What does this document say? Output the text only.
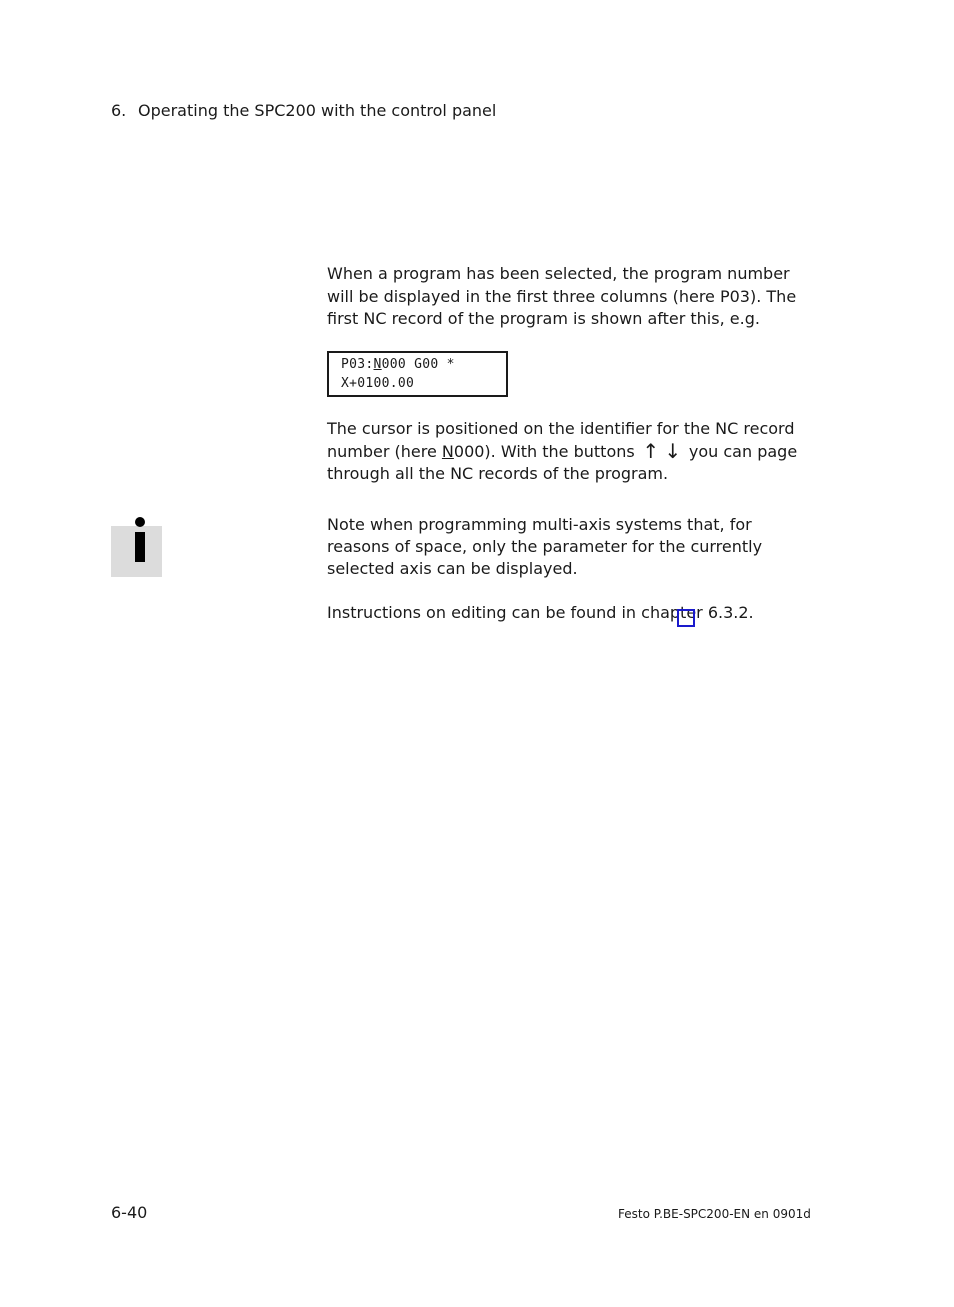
6. Operating the SPC200 with the control panel
When a program has been selected, the program number will be displayed in the first three columns (here P03). The first NC record of the program is shown after this, e.g.
P03:N000 G00 *
X+0100.00
The cursor is positioned on the identifier for the NC record number (here N000). With the buttons ↑ ↓ you can page through all the NC records of the program.
Note when programming multi-axis systems that, for reasons of space, only the parameter for the currently selected axis can be displayed.
Instructions on editing can be found in chapter 6.3.2.
6-40	Festo P.BE-SPC200-EN en 0901d
